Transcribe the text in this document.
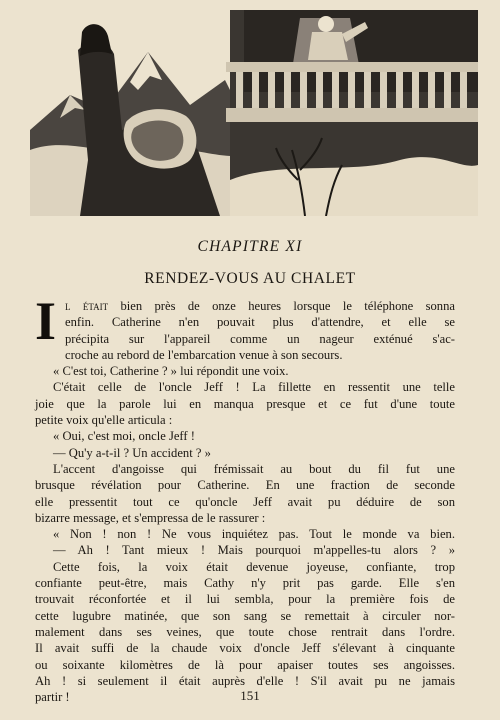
CHAPITRE XI
RENDEZ-VOUS AU CHALET
I l était bien près de onze heures lorsque le téléphone sonna
enfin. Catherine n'en pouvait plus d'attendre, et elle se
précipita sur l'appareil comme un nageur exténué s'ac-
croche au rebord de l'embarcation venue à son secours.
« C'est toi, Catherine ? » lui répondit une voix.
C'était celle de l'oncle Jeff ! La fillette en ressentit une telle
joie que la parole lui en manqua presque et ce fut d'une toute
petite voix qu'elle articula :
« Oui, c'est moi, oncle Jeff !
— Qu'y a-t-il ? Un accident ? »
L'accent d'angoisse qui frémissait au bout du fil fut une
brusque révélation pour Catherine. En une fraction de seconde
elle pressentit tout ce qu'oncle Jeff avait pu déduire de son
bizarre message, et s'empressa de le rassurer :
« Non ! non ! Ne vous inquiétez pas. Tout le monde va bien.
— Ah ! Tant mieux ! Mais pourquoi m'appelles-tu alors ? »
Cette fois, la voix était devenue joyeuse, confiante, trop
confiante peut-être, mais Cathy n'y prit pas garde. Elle s'en
trouvait réconfortée et il lui sembla, pour la première fois de
cette lugubre matinée, que son sang se remettait à circuler nor-
malement dans ses veines, que toute chose rentrait dans l'ordre.
Il avait suffi de la chaude voix d'oncle Jeff s'élevant à cinquante
ou soixante kilomètres de là pour apaiser toutes ses angoisses.
Ah ! si seulement il était auprès d'elle ! S'il avait pu ne jamais
partir !	151
